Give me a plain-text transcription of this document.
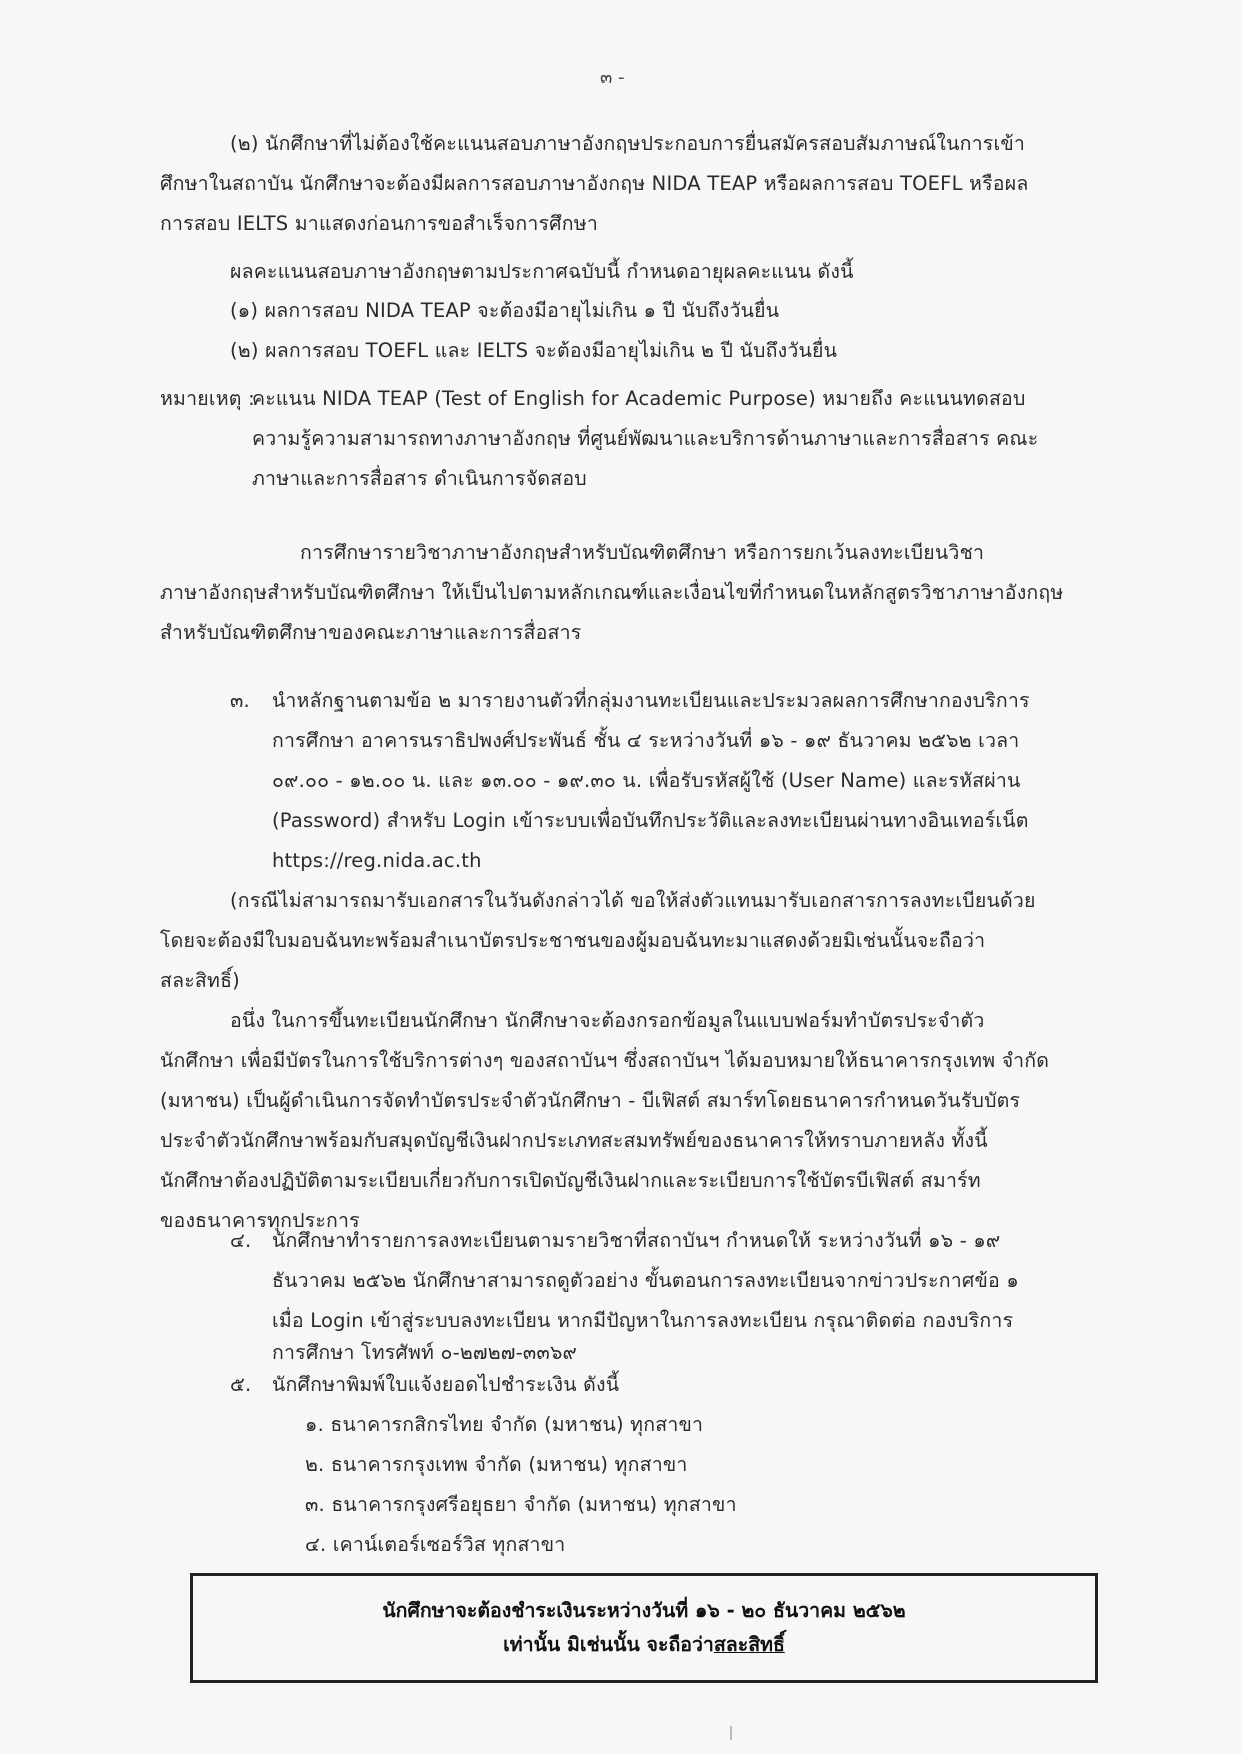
๓ -
(๒) นักศึกษาที่ไม่ต้องใช้คะแนนสอบภาษาอังกฤษประกอบการยื่นสมัครสอบสัมภาษณ์ในการเข้า
ศึกษาในสถาบัน นักศึกษาจะต้องมีผลการสอบภาษาอังกฤษ NIDA TEAP หรือผลการสอบ TOEFL หรือผล
การสอบ IELTS มาแสดงก่อนการขอสำเร็จการศึกษา
ผลคะแนนสอบภาษาอังกฤษตามประกาศฉบับนี้ กำหนดอายุผลคะแนน ดังนี้
(๑) ผลการสอบ NIDA TEAP จะต้องมีอายุไม่เกิน ๑ ปี นับถึงวันยื่น
(๒) ผลการสอบ TOEFL และ IELTS จะต้องมีอายุไม่เกิน ๒ ปี นับถึงวันยื่น
หมายเหตุ :
คะแนน NIDA TEAP (Test of English for Academic Purpose) หมายถึง คะแนนทดสอบ
ความรู้ความสามารถทางภาษาอังกฤษ ที่ศูนย์พัฒนาและบริการด้านภาษาและการสื่อสาร คณะ
ภาษาและการสื่อสาร ดำเนินการจัดสอบ
การศึกษารายวิชาภาษาอังกฤษสำหรับบัณฑิตศึกษา หรือการยกเว้นลงทะเบียนวิชา
ภาษาอังกฤษสำหรับบัณฑิตศึกษา ให้เป็นไปตามหลักเกณฑ์และเงื่อนไขที่กำหนดในหลักสูตรวิชาภาษาอังกฤษ
สำหรับบัณฑิตศึกษาของคณะภาษาและการสื่อสาร
๓. นำหลักฐานตามข้อ ๒ มารายงานตัวที่กลุ่มงานทะเบียนและประมวลผลการศึกษากองบริการ
การศึกษา อาคารนราธิปพงศ์ประพันธ์ ชั้น ๔ ระหว่างวันที่ ๑๖ - ๑๙ ธันวาคม ๒๕๖๒ เวลา
๐๙.๐๐ - ๑๒.๐๐ น. และ ๑๓.๐๐ - ๑๙.๓๐ น. เพื่อรับรหัสผู้ใช้ (User Name) และรหัสผ่าน
(Password) สำหรับ Login เข้าระบบเพื่อบันทึกประวัติและลงทะเบียนผ่านทางอินเทอร์เน็ต
https://reg.nida.ac.th
(กรณีไม่สามารถมารับเอกสารในวันดังกล่าวได้ ขอให้ส่งตัวแทนมารับเอกสารการลงทะเบียนด้วย
โดยจะต้องมีใบมอบฉันทะพร้อมสำเนาบัตรประชาชนของผู้มอบฉันทะมาแสดงด้วยมิเช่นนั้นจะถือว่า
สละสิทธิ์)
อนึ่ง ในการขึ้นทะเบียนนักศึกษา นักศึกษาจะต้องกรอกข้อมูลในแบบฟอร์มทำบัตรประจำตัว
นักศึกษา เพื่อมีบัตรในการใช้บริการต่างๆ ของสถาบันฯ ซึ่งสถาบันฯ ได้มอบหมายให้ธนาคารกรุงเทพ จำกัด
(มหาชน) เป็นผู้ดำเนินการจัดทำบัตรประจำตัวนักศึกษา - บีเฟิสต์ สมาร์ทโดยธนาคารกำหนดวันรับบัตร
ประจำตัวนักศึกษาพร้อมกับสมุดบัญชีเงินฝากประเภทสะสมทรัพย์ของธนาคารให้ทราบภายหลัง ทั้งนี้
นักศึกษาต้องปฏิบัติตามระเบียบเกี่ยวกับการเปิดบัญชีเงินฝากและระเบียบการใช้บัตรบีเฟิสต์ สมาร์ท
ของธนาคารทุกประการ
๔. นักศึกษาทำรายการลงทะเบียนตามรายวิชาที่สถาบันฯ กำหนดให้ ระหว่างวันที่ ๑๖ - ๑๙
ธันวาคม ๒๕๖๒ นักศึกษาสามารถดูตัวอย่าง ขั้นตอนการลงทะเบียนจากข่าวประกาศข้อ ๑
เมื่อ Login เข้าสู่ระบบลงทะเบียน หากมีปัญหาในการลงทะเบียน กรุณาติดต่อ กองบริการ
การศึกษา โทรศัพท์ ๐-๒๗๒๗-๓๓๖๙
๕. นักศึกษาพิมพ์ใบแจ้งยอดไปชำระเงิน ดังนี้
๑. ธนาคารกสิกรไทย จำกัด (มหาชน) ทุกสาขา
๒. ธนาคารกรุงเทพ จำกัด (มหาชน) ทุกสาขา
๓. ธนาคารกรุงศรีอยุธยา จำกัด (มหาชน) ทุกสาขา
๔. เคาน์เตอร์เซอร์วิส ทุกสาขา
นักศึกษาจะต้องชำระเงินระหว่างวันที่ ๑๖ - ๒๐ ธันวาคม ๒๕๖๒
เท่านั้น มิเช่นนั้น จะถือว่าสละสิทธิ์
